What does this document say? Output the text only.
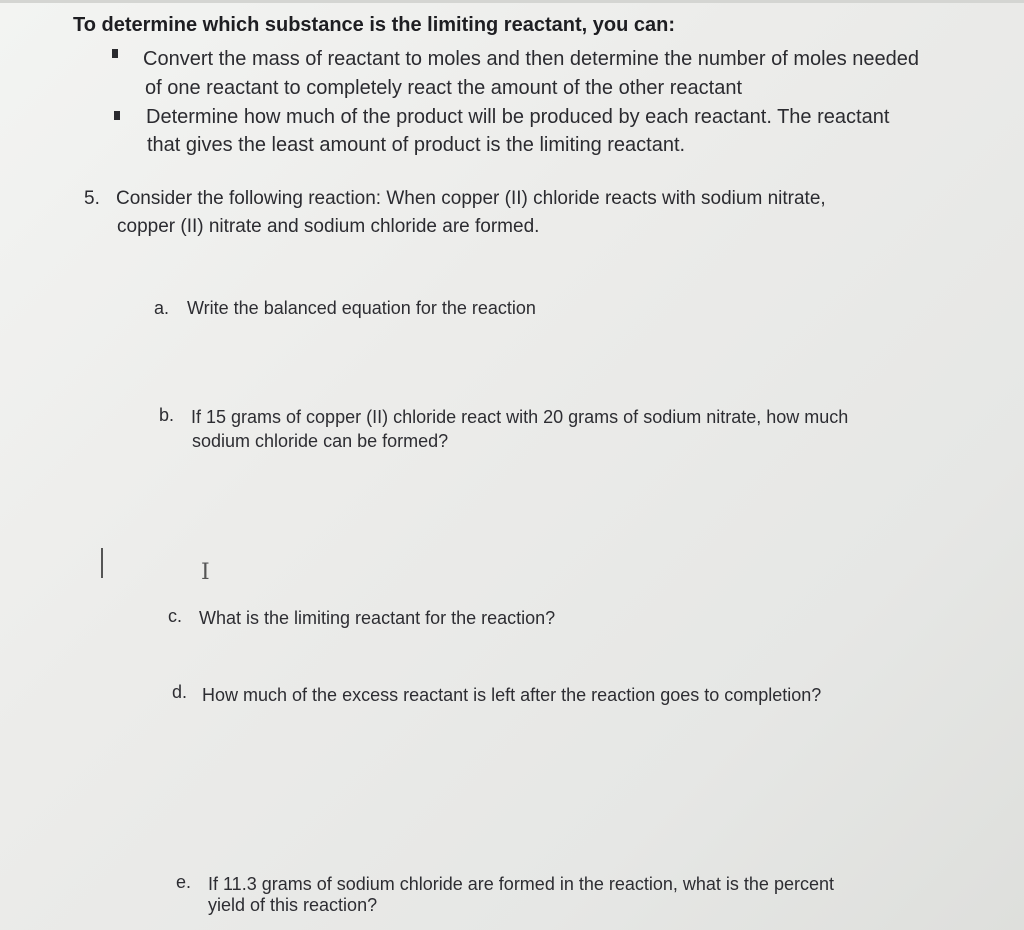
To determine which substance is the limiting reactant, you can:
Convert the mass of reactant to moles and then determine the number of moles needed
of one reactant to completely react the amount of the other reactant
Determine how much of the product will be produced by each reactant. The reactant
that gives the least amount of product is the limiting reactant.
5. Consider the following reaction: When copper (II) chloride reacts with sodium nitrate,
copper (II) nitrate and sodium chloride are formed.
a. Write the balanced equation for the reaction
b. If 15 grams of copper (II) chloride react with 20 grams of sodium nitrate, how much
sodium chloride can be formed?
I
c. What is the limiting reactant for the reaction?
d. How much of the excess reactant is left after the reaction goes to completion?
e. If 11.3 grams of sodium chloride are formed in the reaction, what is the percent
yield of this reaction?
